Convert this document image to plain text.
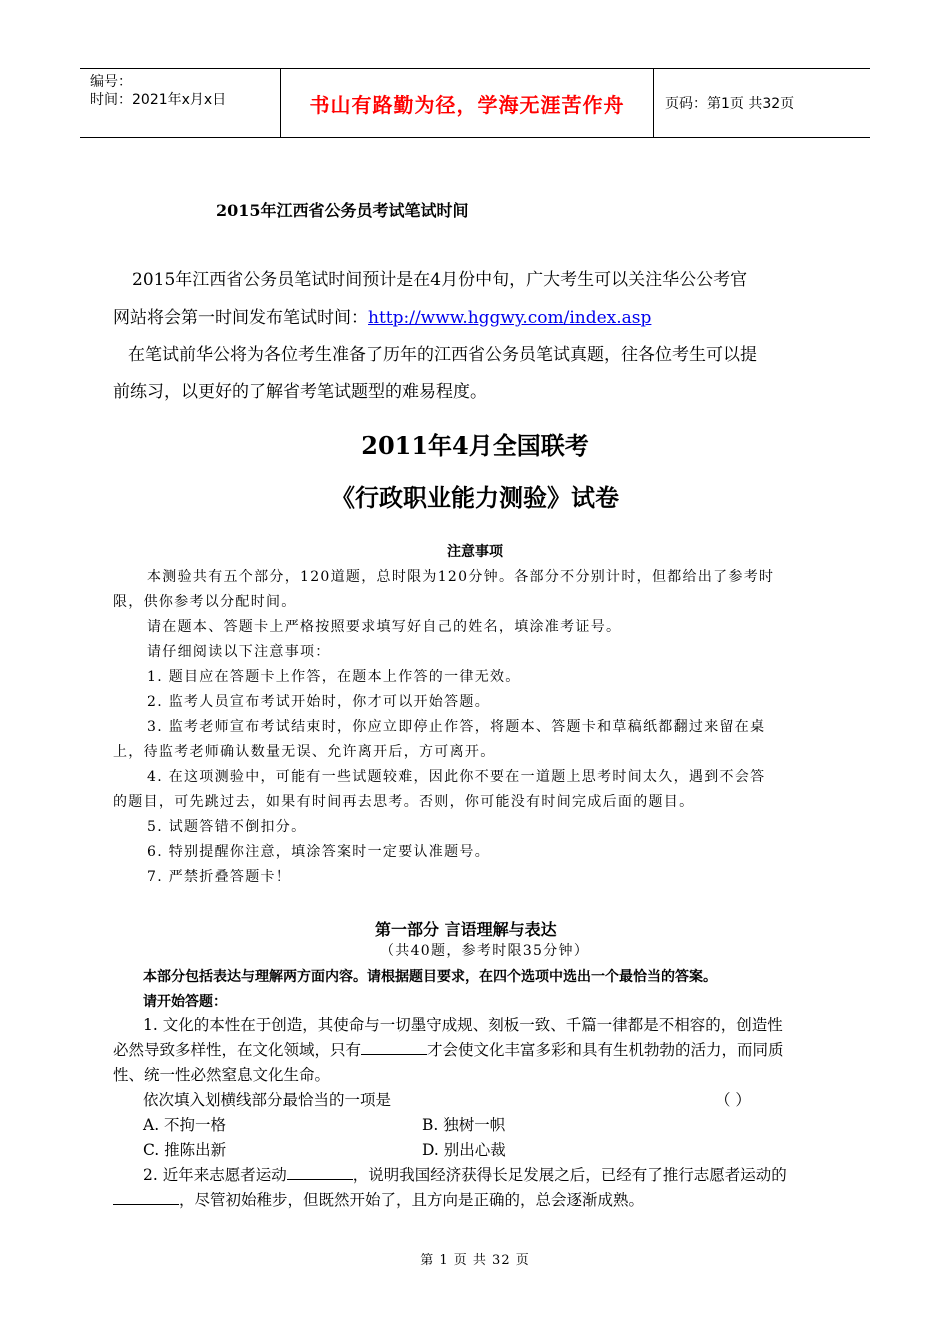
编号：
时间：2021年x月x日	书山有路勤为径，学海无涯苦作舟	页码：第1页 共32页
2015年江西省公务员考试笔试时间
2015年江西省公务员笔试时间预计是在4月份中旬，广大考生可以关注华公公考官
网站将会第一时间发布笔试时间：http://www.hggwy.com/index.asp
在笔试前华公将为各位考生准备了历年的江西省公务员笔试真题，往各位考生可以提
前练习，以更好的了解省考笔试题型的难易程度。
2011年4月全国联考
《行政职业能力测验》试卷
注意事项
本测验共有五个部分，120道题，总时限为120分钟。各部分不分别计时，但都给出了参考时
限，供你参考以分配时间。
请在题本、答题卡上严格按照要求填写好自己的姓名，填涂准考证号。
请仔细阅读以下注意事项：
1. 题目应在答题卡上作答，在题本上作答的一律无效。
2. 监考人员宣布考试开始时，你才可以开始答题。
3. 监考老师宣布考试结束时，你应立即停止作答，将题本、答题卡和草稿纸都翻过来留在桌
上，待监考老师确认数量无误、允许离开后，方可离开。
4. 在这项测验中，可能有一些试题较难，因此你不要在一道题上思考时间太久，遇到不会答
的题目，可先跳过去，如果有时间再去思考。否则，你可能没有时间完成后面的题目。
5. 试题答错不倒扣分。
6. 特别提醒你注意，填涂答案时一定要认准题号。
7. 严禁折叠答题卡！
第一部分 言语理解与表达
（共40题，参考时限35分钟）
本部分包括表达与理解两方面内容。请根据题目要求，在四个选项中选出一个最恰当的答案。
请开始答题：
1. 文化的本性在于创造，其使命与一切墨守成规、刻板一致、千篇一律都是不相容的，创造性
必然导致多样性，在文化领域，只有	才会使文化丰富多彩和具有生机勃勃的活力，而同质
性、统一性必然窒息文化生命。
依次填入划横线部分最恰当的一项是	（ ）
A. 不拘一格	B. 独树一帜
C. 推陈出新	D. 别出心裁
2. 近年来志愿者运动	，说明我国经济获得长足发展之后，已经有了推行志愿者运动的
，尽管初始稚步，但既然开始了，且方向是正确的，总会逐渐成熟。
第 1 页 共 32 页
